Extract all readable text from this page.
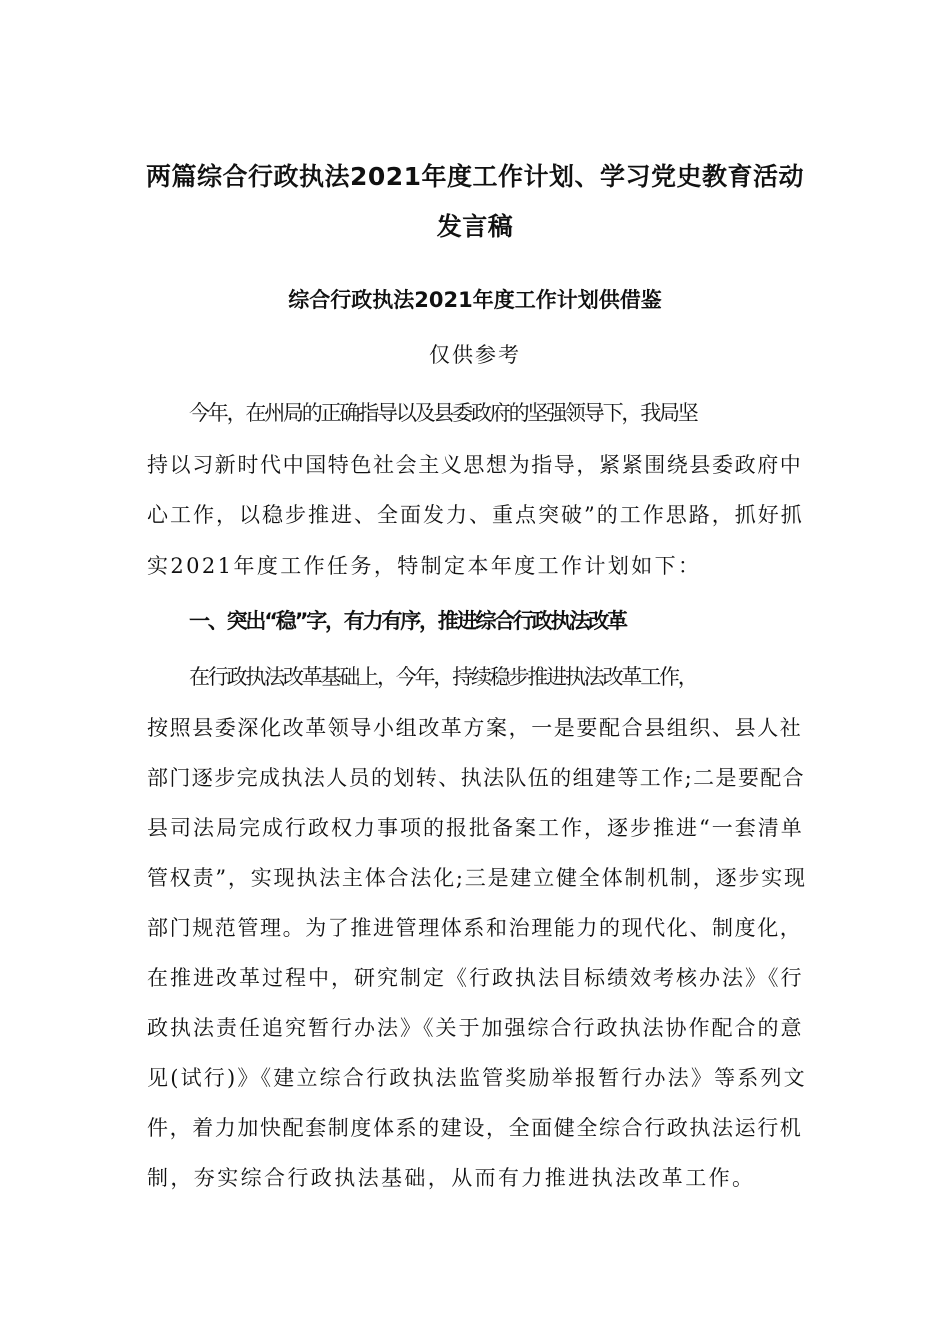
两篇综合行政执法2021年度工作计划、学习党史教育活动
发言稿
综合行政执法2021年度工作计划供借鉴
仅供参考
今年，在州局的正确指导以及县委政府的坚强领导下，我局坚
持以习新时代中国特色社会主义思想为指导，紧紧围绕县委政府中
心工作，以稳步推进、全面发力、重点突破”的工作思路，抓好抓
实2021年度工作任务，特制定本年度工作计划如下：
一、突出“稳”字，有力有序，推进综合行政执法改革
在行政执法改革基础上，今年，持续稳步推进执法改革工作，
按照县委深化改革领导小组改革方案，一是要配合县组织、县人社
部门逐步完成执法人员的划转、执法队伍的组建等工作;二是要配合
县司法局完成行政权力事项的报批备案工作，逐步推进“一套清单
管权责”，实现执法主体合法化;三是建立健全体制机制，逐步实现
部门规范管理。为了推进管理体系和治理能力的现代化、制度化，
在推进改革过程中，研究制定《行政执法目标绩效考核办法》《行
政执法责任追究暂行办法》《关于加强综合行政执法协作配合的意
见(试行)》《建立综合行政执法监管奖励举报暂行办法》等系列文
件，着力加快配套制度体系的建设，全面健全综合行政执法运行机
制，夯实综合行政执法基础，从而有力推进执法改革工作。
